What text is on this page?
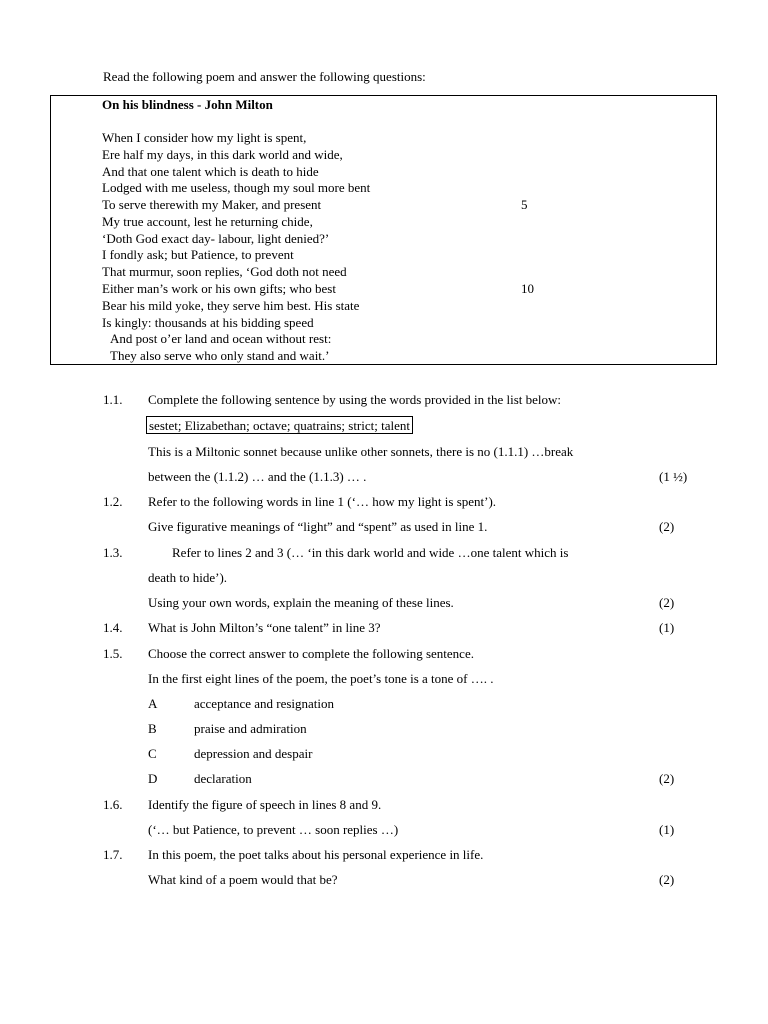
Read the following poem and answer the following questions:
On his blindness - John Milton
When I consider how my light is spent,
Ere half my days, in this dark world and wide,
And that one talent which is death to hide
Lodged with me useless, though my soul more bent
To serve therewith my Maker, and present	5
My true account, lest he returning chide,
‘Doth God exact day- labour, light denied?’
I fondly ask; but Patience, to prevent
That murmur, soon replies, ‘God doth not need
Either man’s work or his own gifts; who best	10
Bear his mild yoke, they serve him best. His state
Is kingly: thousands at his bidding speed
And post o’er land and ocean without rest:
They also serve who only stand and wait.’
1.1. Complete the following sentence by using the words provided in the list below:
sestet; Elizabethan; octave; quatrains; strict; talent
This is a Miltonic sonnet because unlike other sonnets, there is no (1.1.1) …break
between the (1.1.2) … and the (1.1.3) … .	(1 ½)
1.2. Refer to the following words in line 1 (‘… how my light is spent’).
Give figurative meanings of “light” and “spent” as used in line 1.	(2)
1.3.	Refer to lines 2 and 3 (… ‘in this dark world and wide …one talent which is
death to hide’).
Using your own words, explain the meaning of these lines.	(2)
1.4. What is John Milton’s “one talent” in line 3?	(1)
1.5. Choose the correct answer to complete the following sentence.
In the first eight lines of the poem, the poet’s tone is a tone of …. .
A	acceptance and resignation
B	praise and admiration
C	depression and despair
D	declaration	(2)
1.6. Identify the figure of speech in lines 8 and 9.
(‘… but Patience, to prevent … soon replies …)	(1)
1.7. In this poem, the poet talks about his personal experience in life.
What kind of a poem would that be?	(2)
